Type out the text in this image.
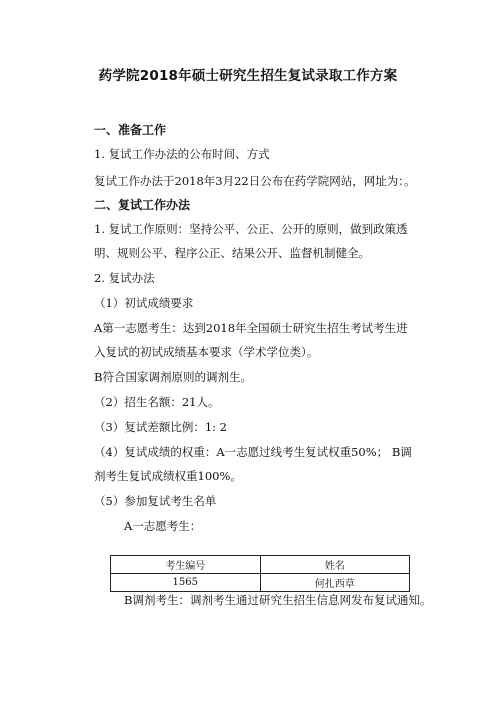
药学院2018年硕士研究生招生复试录取工作方案
一、准备工作
1. 复试工作办法的公布时间、方式
复试工作办法于2018年3月22日公布在药学院网站，网址为：。
二、复试工作办法
1. 复试工作原则：坚持公平、公正、公开的原则，做到政策透
明、规则公平、程序公正、结果公开、监督机制健全。
2. 复试办法
（1）初试成绩要求
A第一志愿考生：达到2018年全国硕士研究生招生考试考生进
入复试的初试成绩基本要求（学术学位类）。
B符合国家调剂原则的调剂生。
（2）招生名额：21人。
（3）复试差额比例：1: 2
（4）复试成绩的权重：A一志愿过线考生复试权重50%； B调
剂考生复试成绩权重100%。
（5）参加复试考生名单
A一志愿考生：
考生编号	姓名
1565	何扎西草
B调剂考生：调剂考生通过研究生招生信息网发布复试通知。
